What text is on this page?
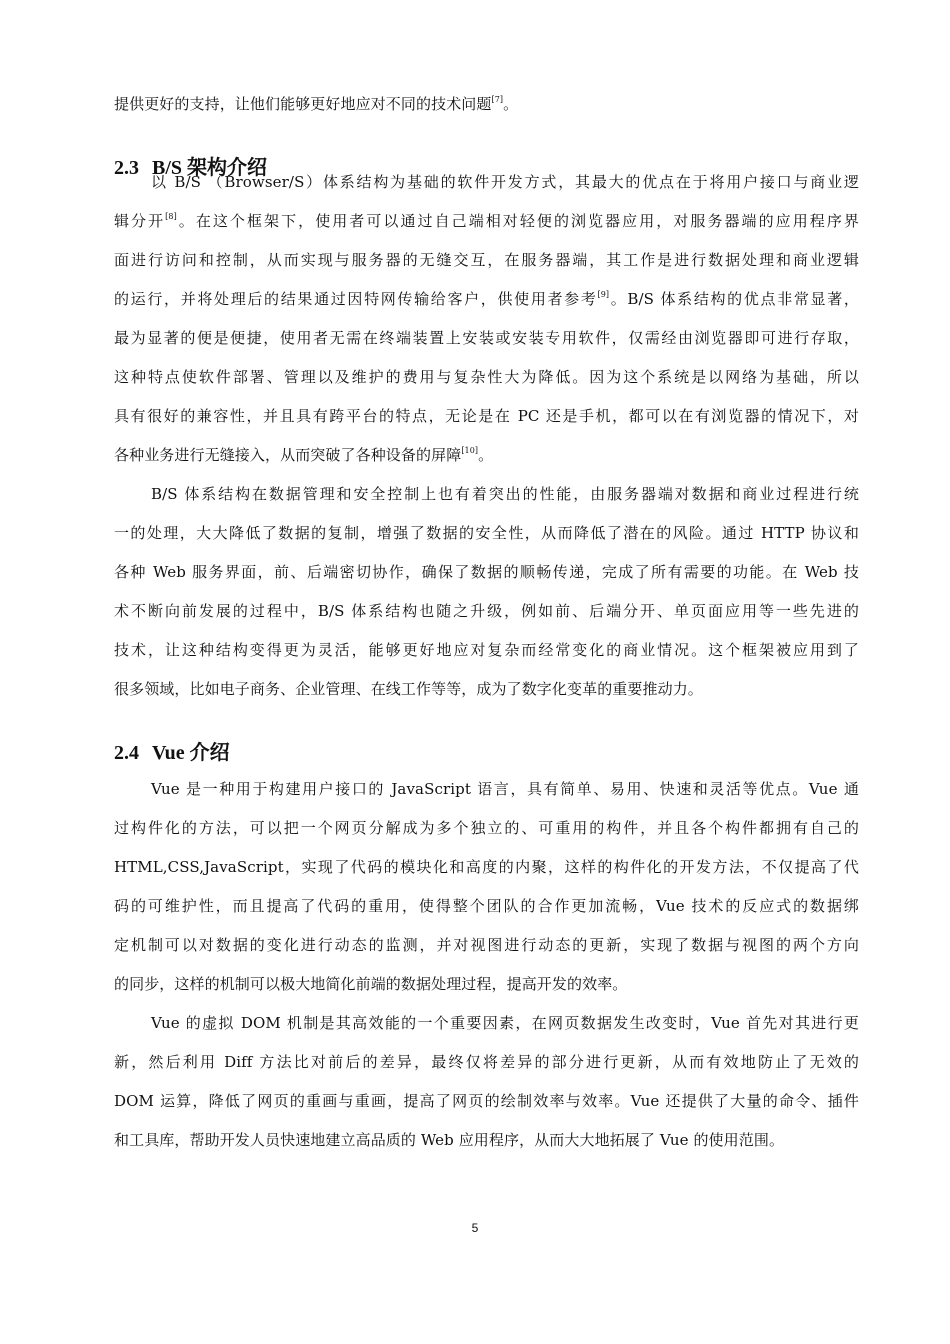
提供更好的支持，让他们能够更好地应对不同的技术问题[7]。
2.3 B/S 架构介绍
以 B/S （Browser/S）体系结构为基础的软件开发方式，其最大的优点在于将用户接口与商业逻
辑分开[8]。在这个框架下，使用者可以通过自己端相对轻便的浏览器应用，对服务器端的应用程序界
面进行访问和控制，从而实现与服务器的无缝交互，在服务器端，其工作是进行数据处理和商业逻辑
的运行，并将处理后的结果通过因特网传输给客户，供使用者参考[9]。B/S 体系结构的优点非常显著，
最为显著的便是便捷，使用者无需在终端装置上安装或安装专用软件，仅需经由浏览器即可进行存取，
这种特点使软件部署、管理以及维护的费用与复杂性大为降低。因为这个系统是以网络为基础，所以
具有很好的兼容性，并且具有跨平台的特点，无论是在 PC 还是手机，都可以在有浏览器的情况下，对
各种业务进行无缝接入，从而突破了各种设备的屏障[10]。
B/S 体系结构在数据管理和安全控制上也有着突出的性能，由服务器端对数据和商业过程进行统
一的处理，大大降低了数据的复制，增强了数据的安全性，从而降低了潜在的风险。通过 HTTP 协议和
各种 Web 服务界面，前、后端密切协作，确保了数据的顺畅传递，完成了所有需要的功能。在 Web 技
术不断向前发展的过程中，B/S 体系结构也随之升级，例如前、后端分开、单页面应用等一些先进的
技术，让这种结构变得更为灵活，能够更好地应对复杂而经常变化的商业情况。这个框架被应用到了
很多领域，比如电子商务、企业管理、在线工作等等，成为了数字化变革的重要推动力。
2.4 Vue 介绍
Vue 是一种用于构建用户接口的 JavaScript 语言，具有简单、易用、快速和灵活等优点。Vue 通
过构件化的方法，可以把一个网页分解成为多个独立的、可重用的构件，并且各个构件都拥有自己的
HTML,CSS,JavaScript，实现了代码的模块化和高度的内聚，这样的构件化的开发方法，不仅提高了代
码的可维护性，而且提高了代码的重用，使得整个团队的合作更加流畅，Vue 技术的反应式的数据绑
定机制可以对数据的变化进行动态的监测，并对视图进行动态的更新，实现了数据与视图的两个方向
的同步，这样的机制可以极大地简化前端的数据处理过程，提高开发的效率。
Vue 的虚拟 DOM 机制是其高效能的一个重要因素，在网页数据发生改变时，Vue 首先对其进行更
新，然后利用 Diff 方法比对前后的差异，最终仅将差异的部分进行更新，从而有效地防止了无效的
DOM 运算，降低了网页的重画与重画，提高了网页的绘制效率与效率。Vue 还提供了大量的命令、插件
和工具库，帮助开发人员快速地建立高品质的 Web 应用程序，从而大大地拓展了 Vue 的使用范围。
5
